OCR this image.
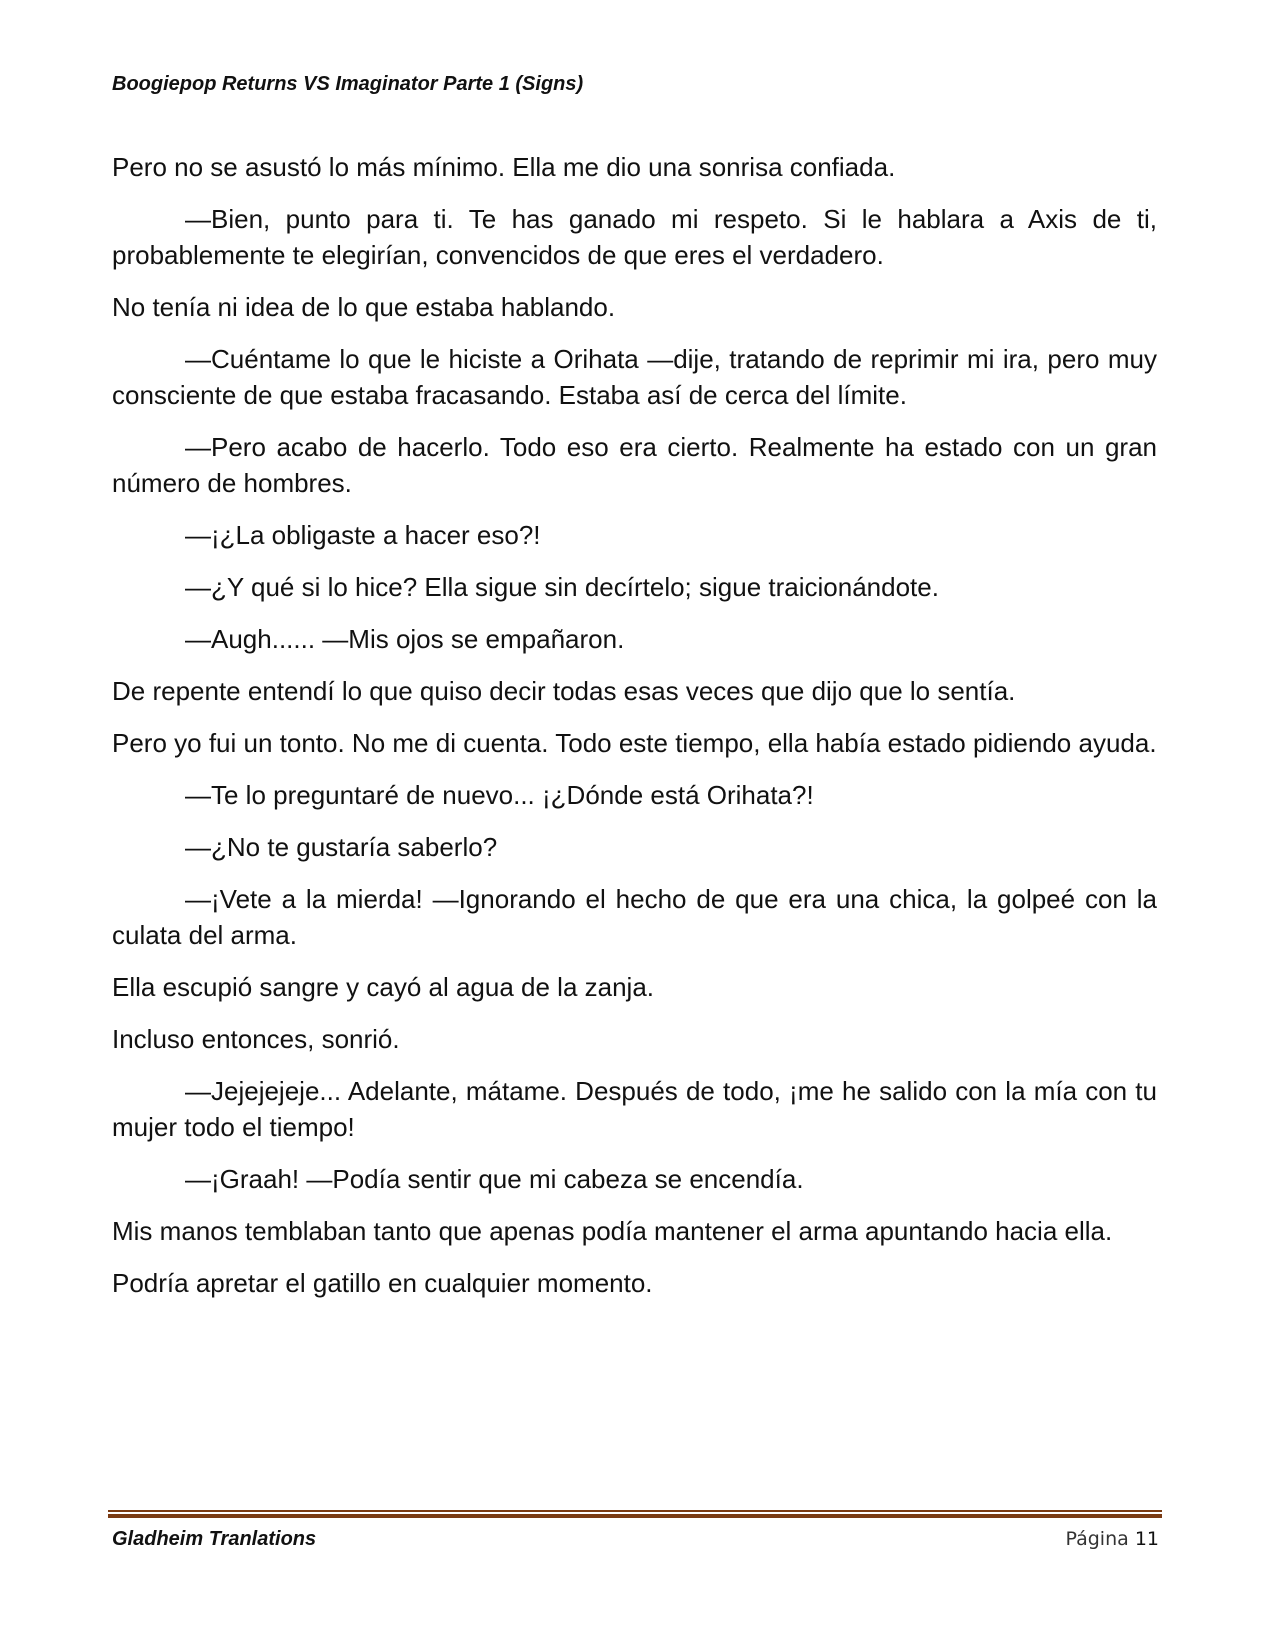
Boogiepop Returns VS Imaginator Parte 1 (Signs)

Pero no se asustó lo más mínimo. Ella me dio una sonrisa confiada.

—Bien, punto para ti. Te has ganado mi respeto. Si le hablara a Axis de ti, probablemente te elegirían, convencidos de que eres el verdadero.

No tenía ni idea de lo que estaba hablando.

—Cuéntame lo que le hiciste a Orihata —dije, tratando de reprimir mi ira, pero muy consciente de que estaba fracasando. Estaba así de cerca del límite.

—Pero acabo de hacerlo. Todo eso era cierto. Realmente ha estado con un gran número de hombres.

—¡¿La obligaste a hacer eso?!

—¿Y qué si lo hice? Ella sigue sin decírtelo; sigue traicionándote.

—Augh...... —Mis ojos se empañaron.

De repente entendí lo que quiso decir todas esas veces que dijo que lo sentía.

Pero yo fui un tonto. No me di cuenta. Todo este tiempo, ella había estado pidiendo ayuda.

—Te lo preguntaré de nuevo... ¡¿Dónde está Orihata?!

—¿No te gustaría saberlo?

—¡Vete a la mierda! —Ignorando el hecho de que era una chica, la golpeé con la culata del arma.

Ella escupió sangre y cayó al agua de la zanja.

Incluso entonces, sonrió.

—Jejejejeje... Adelante, mátame. Después de todo, ¡me he salido con la mía con tu mujer todo el tiempo!

—¡Graah! —Podía sentir que mi cabeza se encendía.

Mis manos temblaban tanto que apenas podía mantener el arma apuntando hacia ella.

Podría apretar el gatillo en cualquier momento.

Gladheim Tranlations	Página 11
